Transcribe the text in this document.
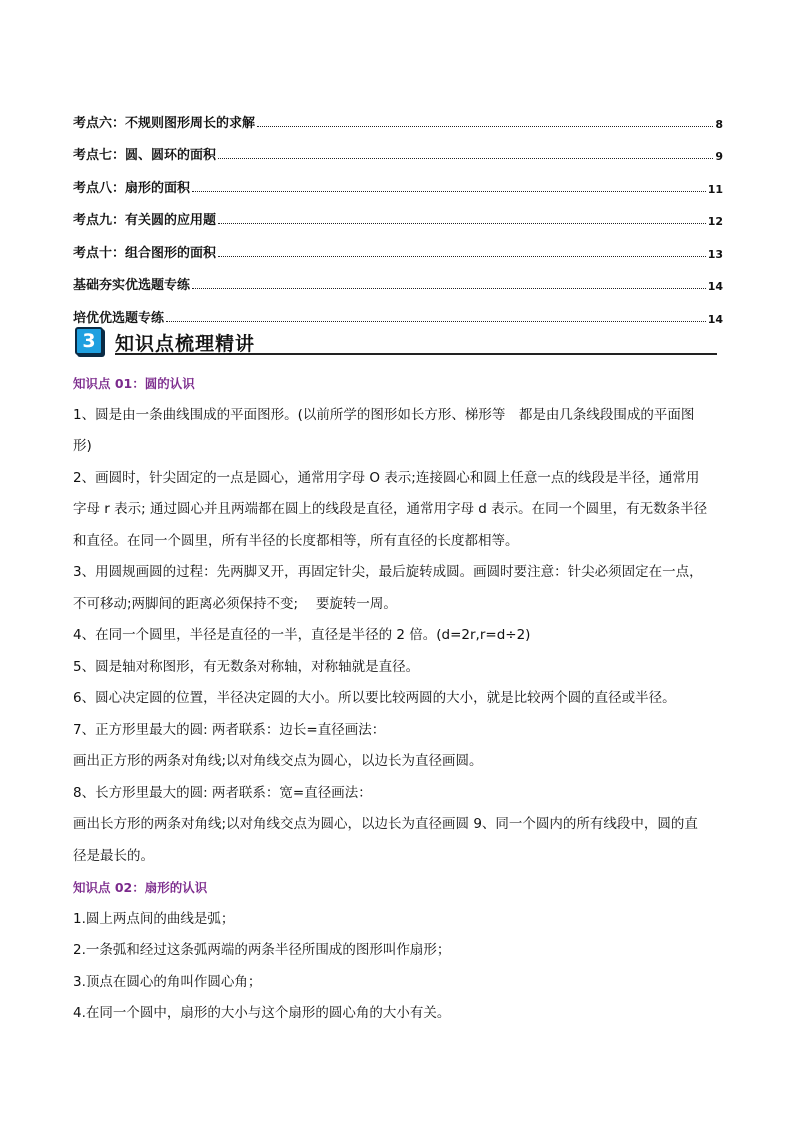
考点六：不规则图形周长的求解	8
考点七：圆、圆环的面积	9
考点八：扇形的面积	11
考点九：有关圆的应用题	12
考点十：组合图形的面积	13
基础夯实优选题专练	14
培优优选题专练	14
3	知识点梳理精讲
知识点 01：圆的认识

1、圆是由一条曲线围成的平面图形。(以前所学的图形如长方形、梯形等　都是由几条线段围成的平面图

形)

2、画圆时，针尖固定的一点是圆心，通常用字母 O 表示;连接圆心和圆上任意一点的线段是半径，通常用

字母 r 表示; 通过圆心并且两端都在圆上的线段是直径，通常用字母 d 表示。在同一个圆里，有无数条半径

和直径。在同一个圆里，所有半径的长度都相等，所有直径的长度都相等。

3、用圆规画圆的过程：先两脚叉开，再固定针尖，最后旋转成圆。画圆时要注意：针尖必须固定在一点，

不可移动;两脚间的距离必须保持不变;　 要旋转一周。

4、在同一个圆里，半径是直径的一半，直径是半径的 2 倍。(d=2r,r=d÷2)

5、圆是轴对称图形，有无数条对称轴，对称轴就是直径。

6、圆心决定圆的位置，半径决定圆的大小。所以要比较两圆的大小，就是比较两个圆的直径或半径。

7、正方形里最大的圆: 两者联系：边长=直径画法：

画出正方形的两条对角线;以对角线交点为圆心，以边长为直径画圆。

8、长方形里最大的圆: 两者联系：宽=直径画法：

画出长方形的两条对角线;以对角线交点为圆心，以边长为直径画圆 9、同一个圆内的所有线段中，圆的直

径是最长的。

知识点 02：扇形的认识

1.圆上两点间的曲线是弧；

2.一条弧和经过这条弧两端的两条半径所围成的图形叫作扇形；

3.顶点在圆心的角叫作圆心角；

4.在同一个圆中，扇形的大小与这个扇形的圆心角的大小有关。
